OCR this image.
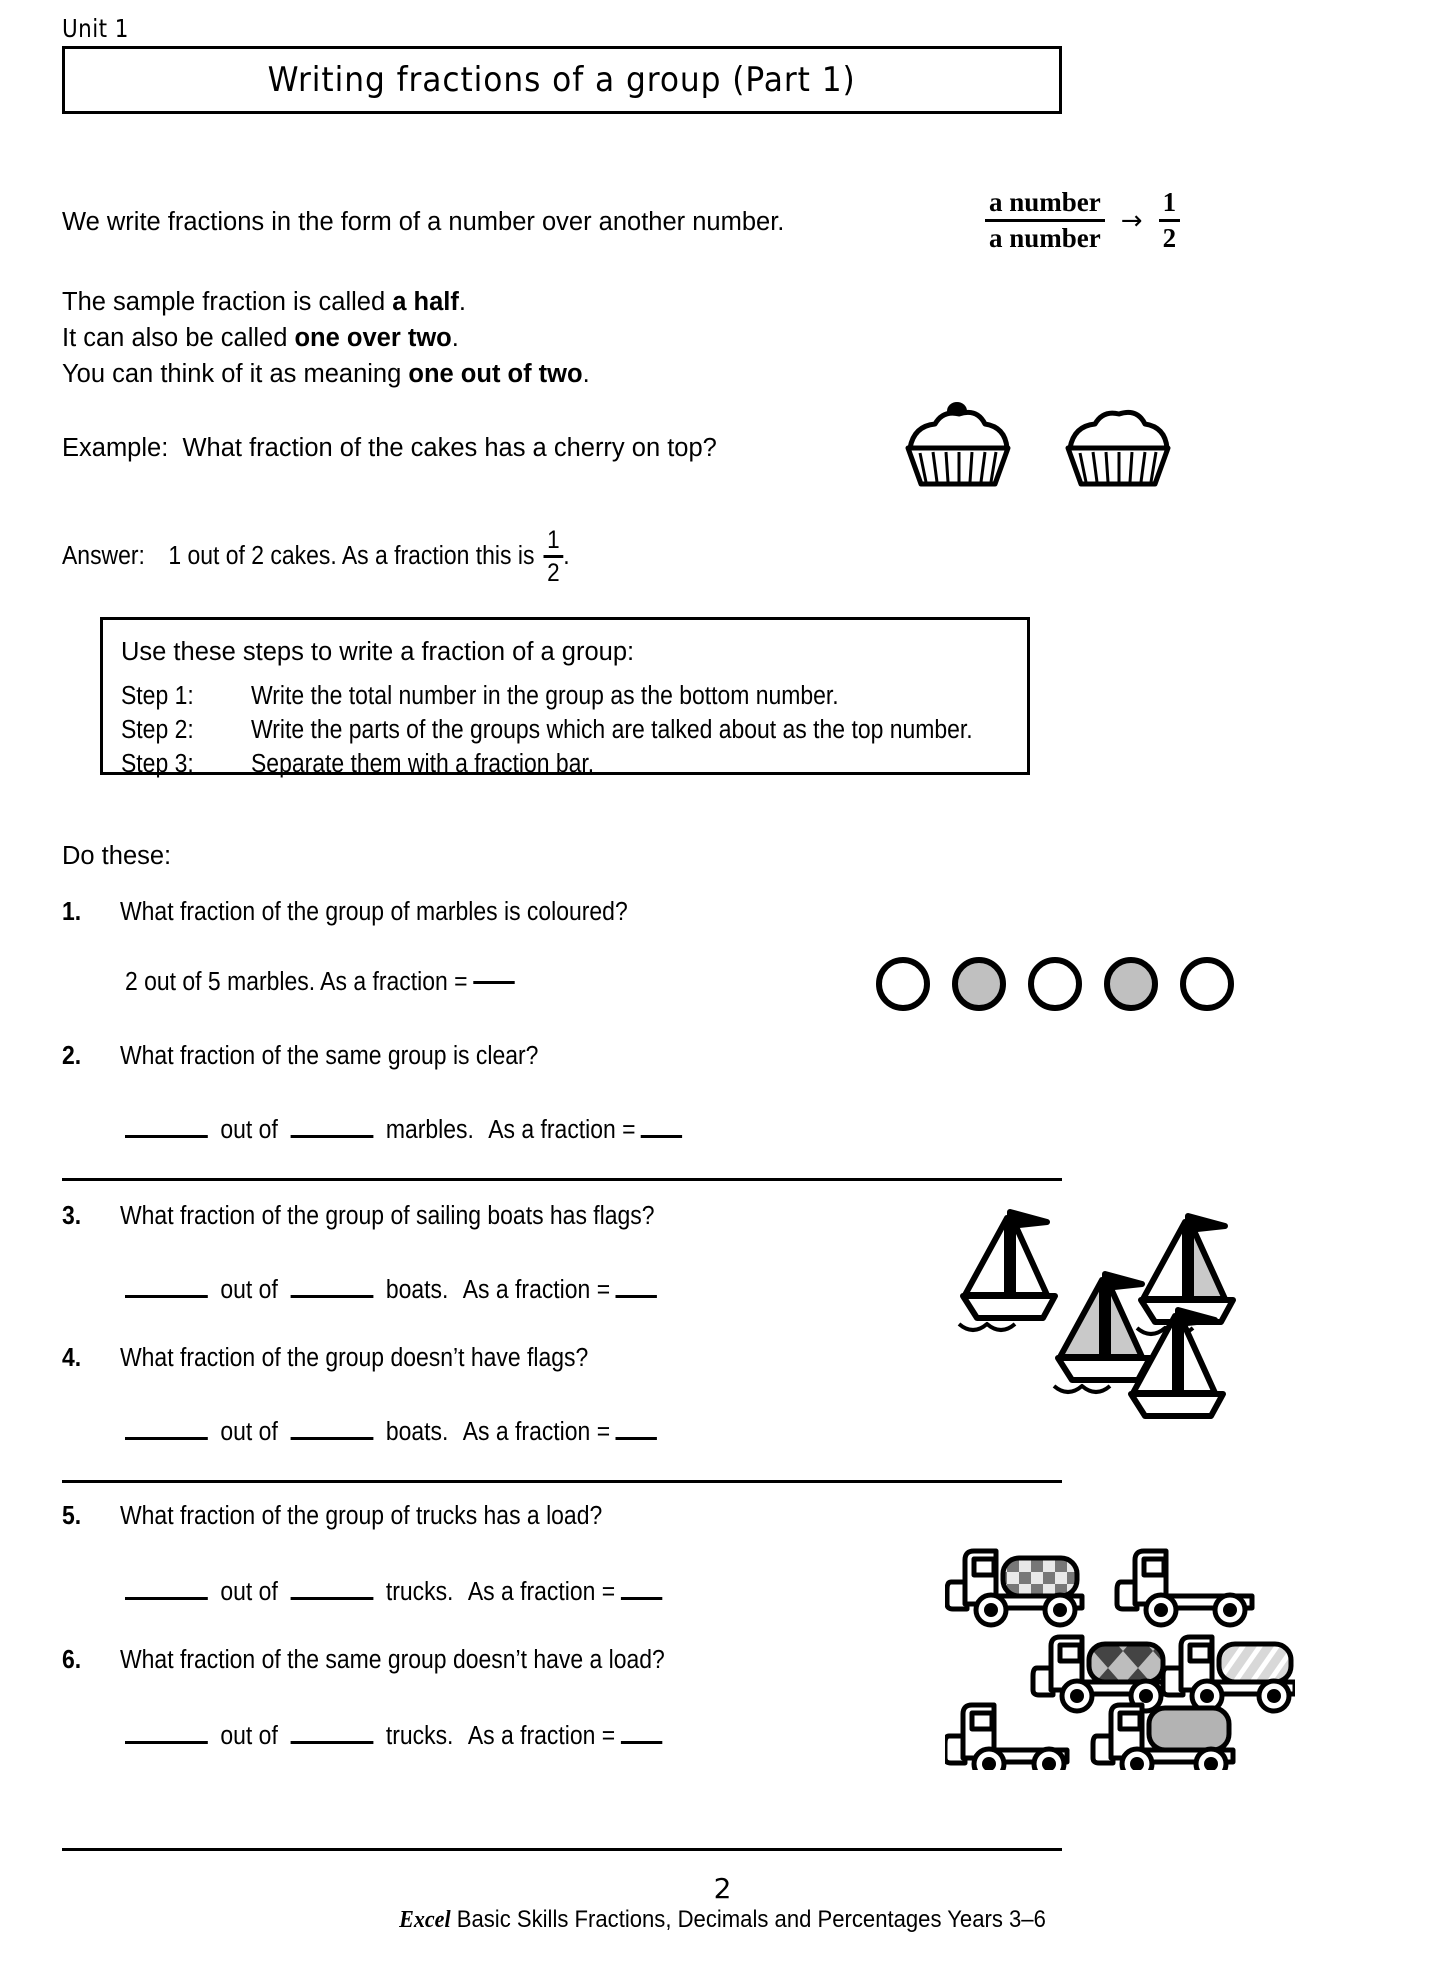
Unit 1
Writing fractions of a group (Part 1)
We write fractions in the form of a number over another number.	$\frac{\text{a number}}{\text{a number}} \to \frac{1}{2}$
The sample fraction is called a half.
It can also be called one over two.
You can think of it as meaning one out of two.
Example: What fraction of the cakes has a cherry on top?
Answer: 1 out of 2 cakes. As a fraction this is $\frac{1}{2}$ .
Use these steps to write a fraction of a group:
Step 1:	Write the total number in the group as the bottom number.
Step 2:	Write the parts of the groups which are talked about as the top number.
Step 3:	Separate them with a fraction bar.
Do these:
1.	What fraction of the group of marbles is coloured?
2 out of 5 marbles. As a fraction =
2.	What fraction of the same group is clear?
out of	marbles. As a fraction =
3.	What fraction of the group of sailing boats has flags?
out of	boats. As a fraction =
4.	What fraction of the group doesn’t have flags?
out of	boats. As a fraction =
5.	What fraction of the group of trucks has a load?
out of	trucks. As a fraction =
6.	What fraction of the same group doesn’t have a load?
out of	trucks. As a fraction =
2
Excel Basic Skills Fractions, Decimals and Percentages Years 3–6
